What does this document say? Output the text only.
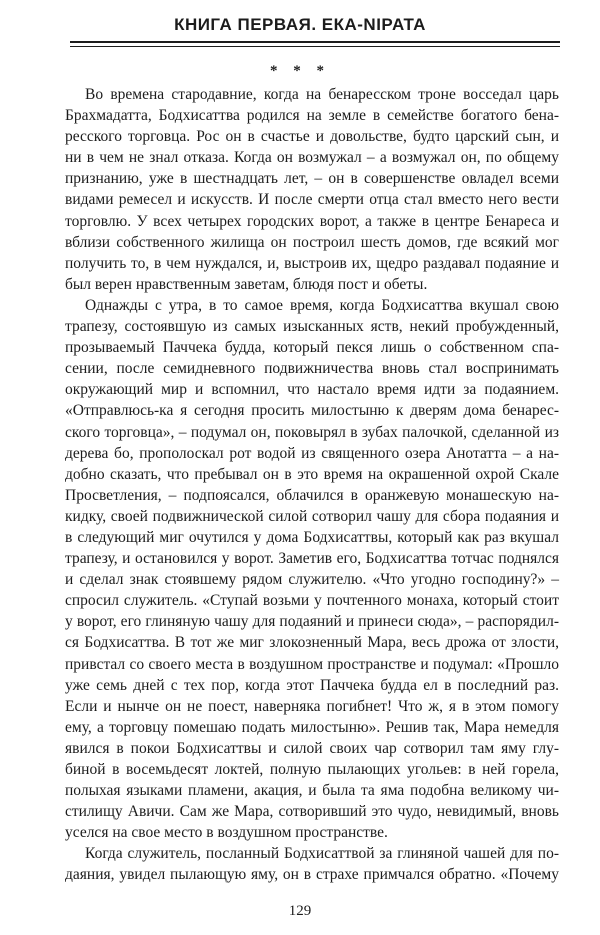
КНИГА ПЕРВАЯ. ЕКА-NIPATA
* * *
Во времена стародавние, когда на бенаресском троне восседал царь
Брахмадатта, Бодхисаттва родился на земле в семействе богатого бена-
ресского торговца. Рос он в счастье и довольстве, будто царский сын, и
ни в чем не знал отказа. Когда он возмужал – а возмужал он, по общему
признанию, уже в шестнадцать лет, – он в совершенстве овладел всеми
видами ремесел и искусств. И после смерти отца стал вместо него вести
торговлю. У всех четырех городских ворот, а также в центре Бенареса и
вблизи собственного жилища он построил шесть домов, где всякий мог
получить то, в чем нуждался, и, выстроив их, щедро раздавал подаяние и
был верен нравственным заветам, блюдя пост и обеты.
Однажды с утра, в то самое время, когда Бодхисаттва вкушал свою
трапезу, состоявшую из самых изысканных яств, некий пробужденный,
прозываемый Паччека будда, который пекся лишь о собственном спа-
сении, после семидневного подвижничества вновь стал воспринимать
окружающий мир и вспомнил, что настало время идти за подаянием.
«Отправлюсь-ка я сегодня просить милостыню к дверям дома бенарес-
ского торговца», – подумал он, поковырял в зубах палочкой, сделанной из
дерева бо, прополоскал рот водой из священного озера Анотатта – а на-
добно сказать, что пребывал он в это время на окрашенной охрой Скале
Просветления, – подпоясался, облачился в оранжевую монашескую на-
кидку, своей подвижнической силой сотворил чашу для сбора подаяния и
в следующий миг очутился у дома Бодхисаттвы, который как раз вкушал
трапезу, и остановился у ворот. Заметив его, Бодхисаттва тотчас поднялся
и сделал знак стоявшему рядом служителю. «Что угодно господину?» –
спросил служитель. «Ступай возьми у почтенного монаха, который стоит
у ворот, его глиняную чашу для подаяний и принеси сюда», – распорядил-
ся Бодхисаттва. В тот же миг злокозненный Мара, весь дрожа от злости,
привстал со своего места в воздушном пространстве и подумал: «Прошло
уже семь дней с тех пор, когда этот Паччека будда ел в последний раз.
Если и нынче он не поест, наверняка погибнет! Что ж, я в этом помогу
ему, а торговцу помешаю подать милостыню». Решив так, Мара немедля
явился в покои Бодхисаттвы и силой своих чар сотворил там яму глу-
биной в восемьдесят локтей, полную пылающих угольев: в ней горела,
полыхая языками пламени, акация, и была та яма подобна великому чи-
стилищу Авичи. Сам же Мара, сотворивший это чудо, невидимый, вновь
уселся на свое место в воздушном пространстве.
Когда служитель, посланный Бодхисаттвой за глиняной чашей для по-
даяния, увидел пылающую яму, он в страхе примчался обратно. «Почему
129
